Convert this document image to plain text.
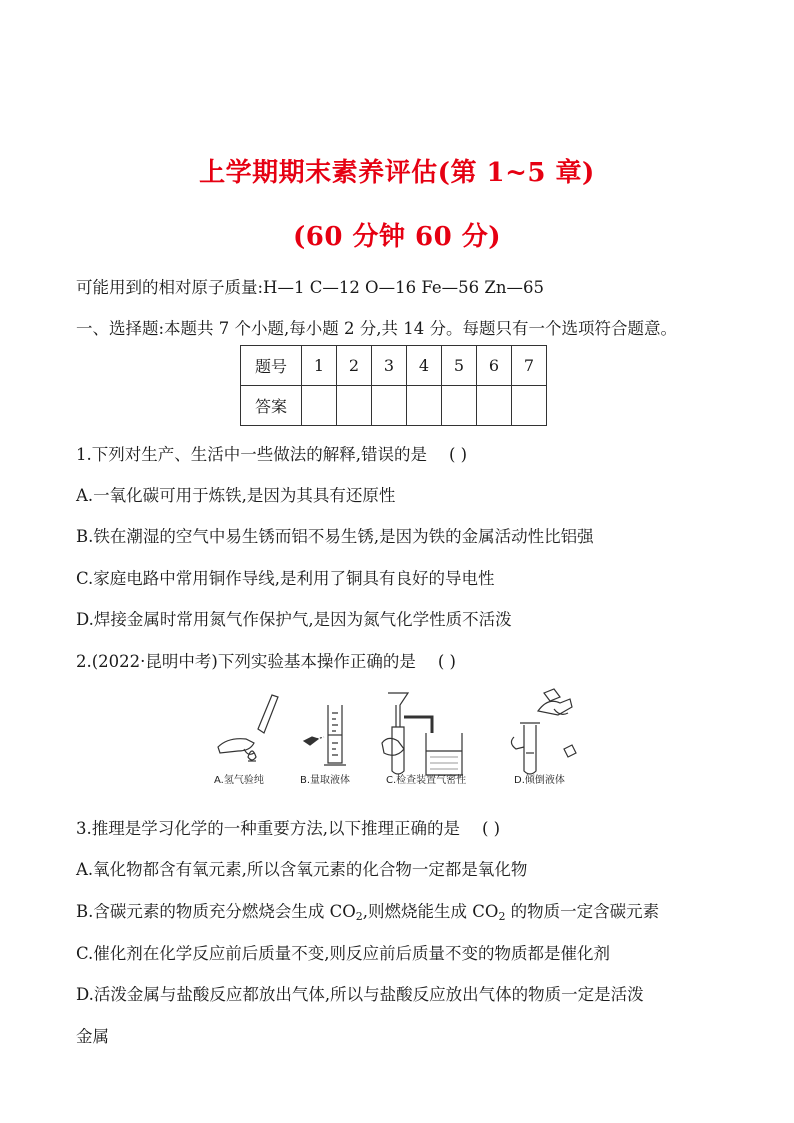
上学期期末素养评估(第 1~5 章)
(60 分钟 60 分)
可能用到的相对原子质量:H—1 C—12 O—16 Fe—56 Zn—65
一、选择题:本题共 7 个小题,每小题 2 分,共 14 分。每题只有一个选项符合题意。
题号	1	2	3	4	5	6	7
答案							
1.下列对生产、生活中一些做法的解释,错误的是 ( )
A.一氧化碳可用于炼铁,是因为其具有还原性
B.铁在潮湿的空气中易生锈而铝不易生锈,是因为铁的金属活动性比铝强
C.家庭电路中常用铜作导线,是利用了铜具有良好的导电性
D.焊接金属时常用氮气作保护气,是因为氮气化学性质不活泼
2.(2022·昆明中考)下列实验基本操作正确的是 ( )
A.氢气验纯	B.量取液体	C.检查装置气密性	D.倾倒液体
3.推理是学习化学的一种重要方法,以下推理正确的是 ( )
A.氧化物都含有氧元素,所以含氧元素的化合物一定都是氧化物
B.含碳元素的物质充分燃烧会生成 $CO_2$,则燃烧能生成 $CO_2$ 的物质一定含碳元素
C.催化剂在化学反应前后质量不变,则反应前后质量不变的物质都是催化剂
D.活泼金属与盐酸反应都放出气体,所以与盐酸反应放出气体的物质一定是活泼
金属
